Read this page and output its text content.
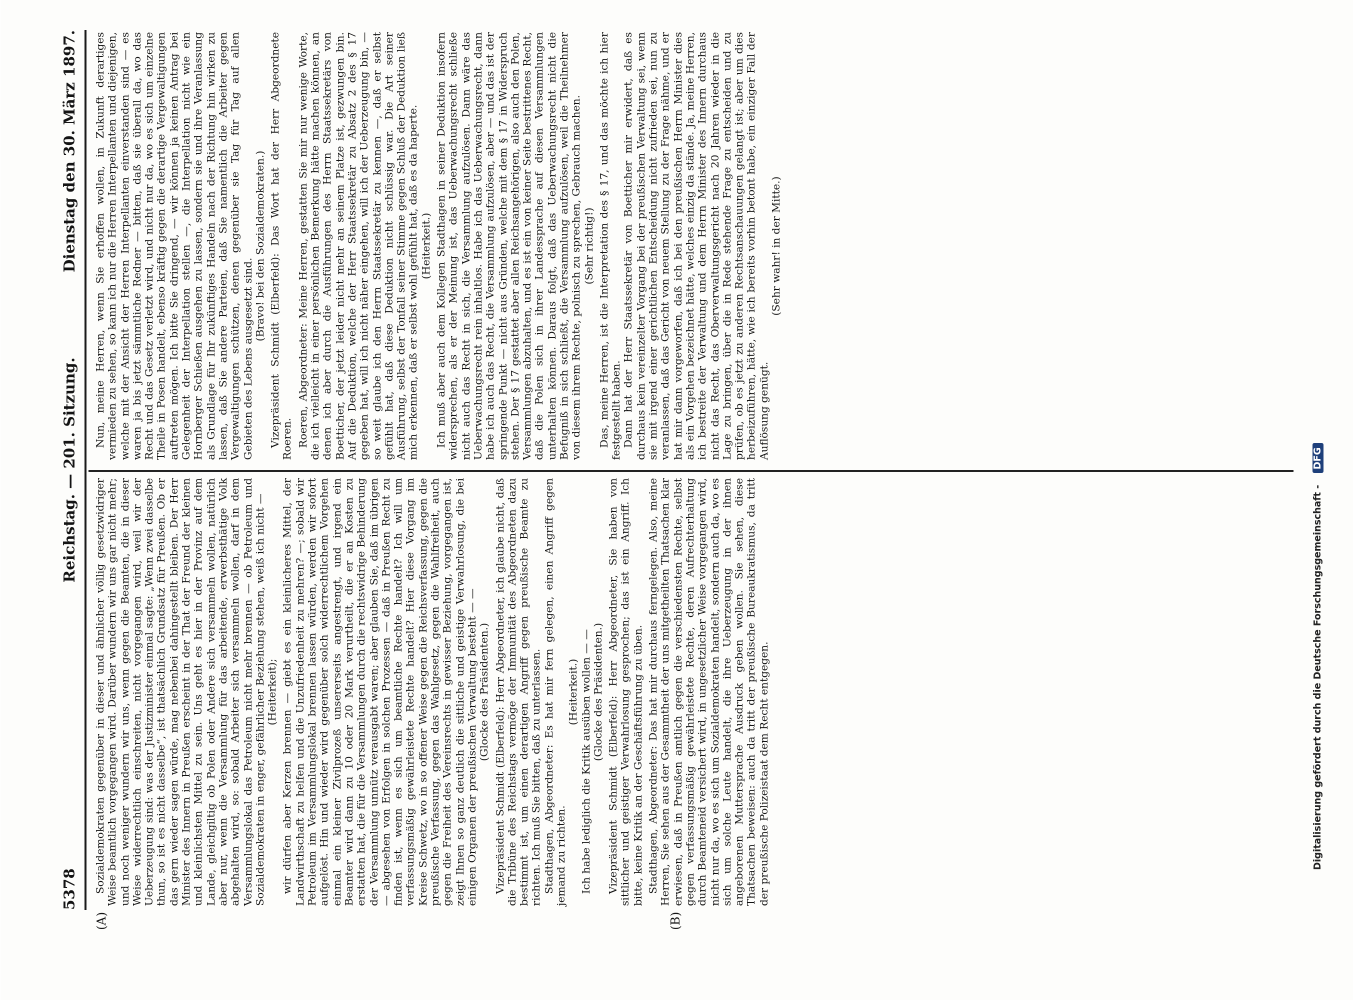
5378
Reichstag. — 201. Sitzung.
Dienstag den 30. März 1897.
(A)	(B)

Sozialdemokraten gegenüber in dieser und ähnlicher völlig gesetzwidriger Weise beamtlich vorgegangen wird. Darüber wundern wir uns gar nicht mehr; und noch weniger wundern wir uns, wenn gegen die Beamten, die in dieser Weise widerrechtlich einschreiten, nicht vorgegangen wird, weil wir der Ueberzeugung sind: was der Justizminister einmal sagte: „Wenn zwei dasselbe thun, so ist es nicht dasselbe“, ist thatsächlich Grundsatz für Preußen. Ob er das gern wieder sagen würde, mag nebenbei dahingestellt bleiben. Der Herr Minister des Innern in Preußen erscheint in der That der Freund der kleinen und kleinlichsten Mittel zu sein. Uns geht es hier in der Provinz auf dem Lande, gleichgiltig ob Polen oder Andere sich versammeln wollen, natürlich aber nur, wenn die Versammlung für das arbeitende, erwerbsthätige Volk abgehalten wird, so: sobald Arbeiter sich versammeln wollen, darf in dem Versammlungslokal das Petroleum nicht mehr brennen — ob Petroleum und Sozialdemokraten in enger, gefährlicher Beziehung stehen, weiß ich nicht — (Heiterkeit); wir dürfen aber Kerzen brennen — giebt es ein kleinlicheres Mittel, der Landwirthschaft zu helfen und die Unzufriedenheit zu mehren? —; sobald wir Petroleum im Versammlungslokal brennen lassen würden, werden wir sofort aufgelöst. Hin und wieder wird gegenüber solch widerrechtlichem Vorgehen einmal ein kleiner Zivilprozeß unsererseits angestrengt, und irgend ein Beamter wird dann zu 10 oder 20 Mark verurtheilt, die er an Kosten zu erstatten hat, die für die Versammlungen durch die rechtswidrige Behinderung der Versammlung unnütz verausgabt waren; aber glauben Sie, daß im übrigen — abgesehen von Erfolgen in solchen Prozessen — daß in Preußen Recht zu finden ist, wenn es sich um beamtliche Rechte handelt? Ich will um verfassungsmäßig gewährleistete Rechte handelt? Hier diese Vorgang im Kreise Schwetz, wo in so offener Weise gegen die Reichsverfassung, gegen die preußische Verfassung, gegen das Wahlgesetz, gegen die Wahlfreiheit, auch gegen die Freiheit des Vereinsrechts in gewisser Beziehung, vorgegangen ist, zeigt Ihnen so ganz deutlich die sittliche und geistige Verwahrlosung, die bei einigen Organen der preußischen Verwaltung besteht — — (Glocke des Präsidenten.) Vizepräsident Schmidt (Elberfeld): Herr Abgeordneter, ich glaube nicht, daß die Tribüne des Reichstags vermöge der Immunität des Abgeordneten dazu bestimmt ist, um einen derartigen Angriff gegen preußische Beamte zu richten. Ich muß Sie bitten, daß zu unterlassen. Stadthagen, Abgeordneter: Es hat mir fern gelegen, einen Angriff gegen jemand zu richten.

(Heiterkeit.) Ich habe lediglich die Kritik ausüben wollen — — (Glocke des Präsidenten.) Vizepräsident Schmidt (Elberfeld): Herr Abgeordneter, Sie haben von sittlicher und geistiger Verwahrlosung gesprochen; das ist ein Angriff. Ich bitte, keine Kritik an der Geschäftsführung zu üben. Stadthagen, Abgeordneter: Das hat mir durchaus ferngelegen. Also, meine Herren, Sie sehen aus der Gesammtheit der uns mitgetheilten Thatsachen klar erwiesen, daß in Preußen amtlich gegen die verschiedensten Rechte, selbst gegen verfassungsmäßig gewährleistete Rechte, deren Aufrechterhaltung durch Beamteneid versichert wird, in ungesetzlicher Weise vorgegangen wird, nicht nur da, wo es sich um Sozialdemokraten handelt, sondern auch da, wo es sich um solche Leute handelt, die ihre Ueberzeugung in der ihnen angeborenen Muttersprache Ausdruck geben wollen. Sie sehen, diese Thatsachen beweisen: auch da tritt der preußische Bureaukratismus, da tritt der preußische Polizeistaat dem Recht entgegen.

Nun, meine Herren, wenn Sie erhoffen wollen, in Zukunft derartiges vermieden zu sehen, so kann ich nur die Herren Interpellanten und diejenigen, welche mit der Ansicht der Herren Interpellanten einverstanden sind — es waren ja bis jetzt sämmtliche Redner — bitten, daß sie überall da, wo das Recht und das Gesetz verletzt wird, und nicht nur da, wo es sich um einzelne Theile in Posen handelt, ebenso kräftig gegen die derartige Vergewaltigungen auftreten mögen. Ich bitte Sie dringend, — wir können ja keinen Antrag bei Gelegenheit der Interpellation stellen —, die Interpellation nicht wie ein Hornberger Schießen ausgehen zu lassen, sondern sie und ihre Veranlassung als Grundlage für Ihr zukünftiges Handeln nach der Richtung hin wirken zu lassen, daß Sie andere Parteien, daß Sie namentlich die Arbeiter gegen Vergewaltigungen schützen, denen gegenüber sie Tag für Tag auf allen Gebieten des Lebens ausgesetzt sind.

(Bravo! bei den Sozialdemokraten.) Vizepräsident Schmidt (Elberfeld): Das Wort hat der Herr Abgeordnete Roeren. Roeren, Abgeordneter: Meine Herren, gestatten Sie mir nur wenige Worte, die ich vielleicht in einer persönlichen Bemerkung hätte machen können, an denen ich aber durch die Ausführungen des Herrn Staatssekretärs von Boetticher, der jetzt leider nicht mehr an seinem Platze ist, gezwungen bin. Auf die Deduktion, welche der Herr Staatssekretär zu Absatz 2 des § 17 gegeben hat, will ich nicht näher eingehen, will ich der Ueberzeugung bin, — so weit glaube ich den Herrn Staatssekretär zu kennen —, daß er selbst gefühlt hat, daß diese Deduktion nicht schlüssig war. Die Art seiner Ausführung, selbst der Tonfall seiner Stimme gegen Schluß der Deduktion ließ mich erkennen, daß er selbst wohl gefühlt hat, daß es da haperte. (Heiterkeit.) Ich muß aber auch dem Kollegen Stadthagen in seiner Deduktion insofern widersprechen, als er der Meinung ist, das Ueberwachungsrecht schließe nicht auch das Recht in sich, die Versammlung aufzulösen. Dann wäre das Ueberwachungsrecht rein inhaltlos. Habe ich das Ueberwachungsrecht, dann habe ich auch das Recht, die Versammlung aufzulösen, aber — und das ist der springende Punkt — nicht aus Gründen, welche mit dem § 17 in Widerspruch stehen. Der § 17 gestattet aber allen Reichsangehörigen, also auch den Polen, Versammlungen abzuhalten, und es ist ein von keiner Seite bestrittenes Recht, daß die Polen sich in ihrer Landessprache auf diesen Versammlungen unterhalten können. Daraus folgt, daß das Ueberwachungsrecht nicht die Befugniß in sich schließt, die Versammlung aufzulösen, weil die Theilnehmer von diesem ihrem Rechte, polnisch zu sprechen, Gebrauch machen. (Sehr richtig!) Das, meine Herren, ist die Interpretation des § 17, und das möchte ich hier festgestellt haben. Dann hat der Herr Staatssekretär von Boetticher mir erwidert, daß es durchaus kein vereinzelter Vorgang bei der preußischen Verwaltung sei, wenn sie mit irgend einer gerichtlichen Entscheidung nicht zufrieden sei, nun zu veranlassen, daß das Gericht von neuem Stellung zu der Frage nähme, und er hat mir dann vorgeworfen, daß ich bei den preußischen Herrn Minister dies als ein Vorgehen bezeichnet hätte, welches einzig da stände. Ja, meine Herren, ich bestreite der Verwaltung und dem Herrn Minister des Innern durchaus nicht das Recht, das Oberverwaltungsgericht nach 20 Jahren wieder in die Lage zu bringen, über die in Rede stehende Frage zu entscheiden und zu prüfen, ob es jetzt zu anderen Rechtsanschauungen gelangt ist; aber um dies herbeizuführen, hätte, wie ich bereits vorhin betont habe, ein einziger Fall der Auflösung genügt.

(Sehr wahr! in der Mitte.)

Digitalisierung gefördert durch die Deutsche Forschungsgemeinschaft - DFG
